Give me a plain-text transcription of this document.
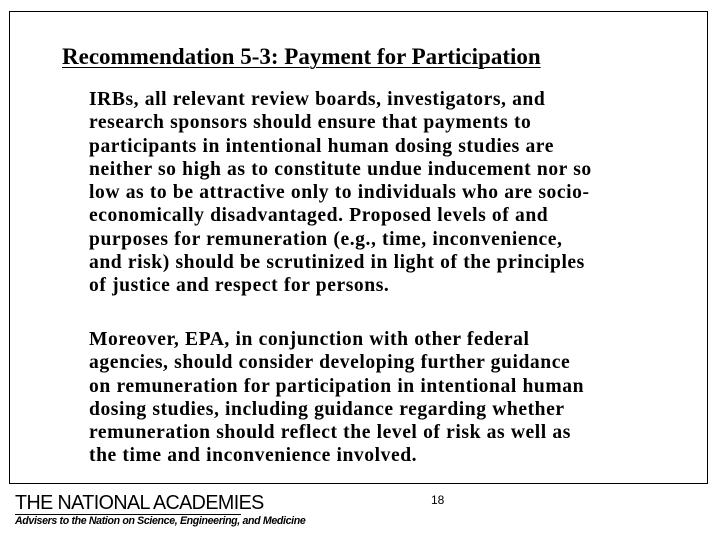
Recommendation 5-3: Payment for Participation

IRBs, all relevant review boards, investigators, and
research sponsors should ensure that payments to
participants in intentional human dosing studies are
neither so high as to constitute undue inducement nor so
low as to be attractive only to individuals who are socio-
economically disadvantaged. Proposed levels of and
purposes for remuneration (e.g., time, inconvenience,
and risk) should be scrutinized in light of the principles
of justice and respect for persons.

Moreover, EPA, in conjunction with other federal
agencies, should consider developing further guidance
on remuneration for participation in intentional human
dosing studies, including guidance regarding whether
remuneration should reflect the level of risk as well as
the time and inconvenience involved.

THE NATIONAL ACADEMIES
Advisers to the Nation on Science, Engineering, and Medicine
18
